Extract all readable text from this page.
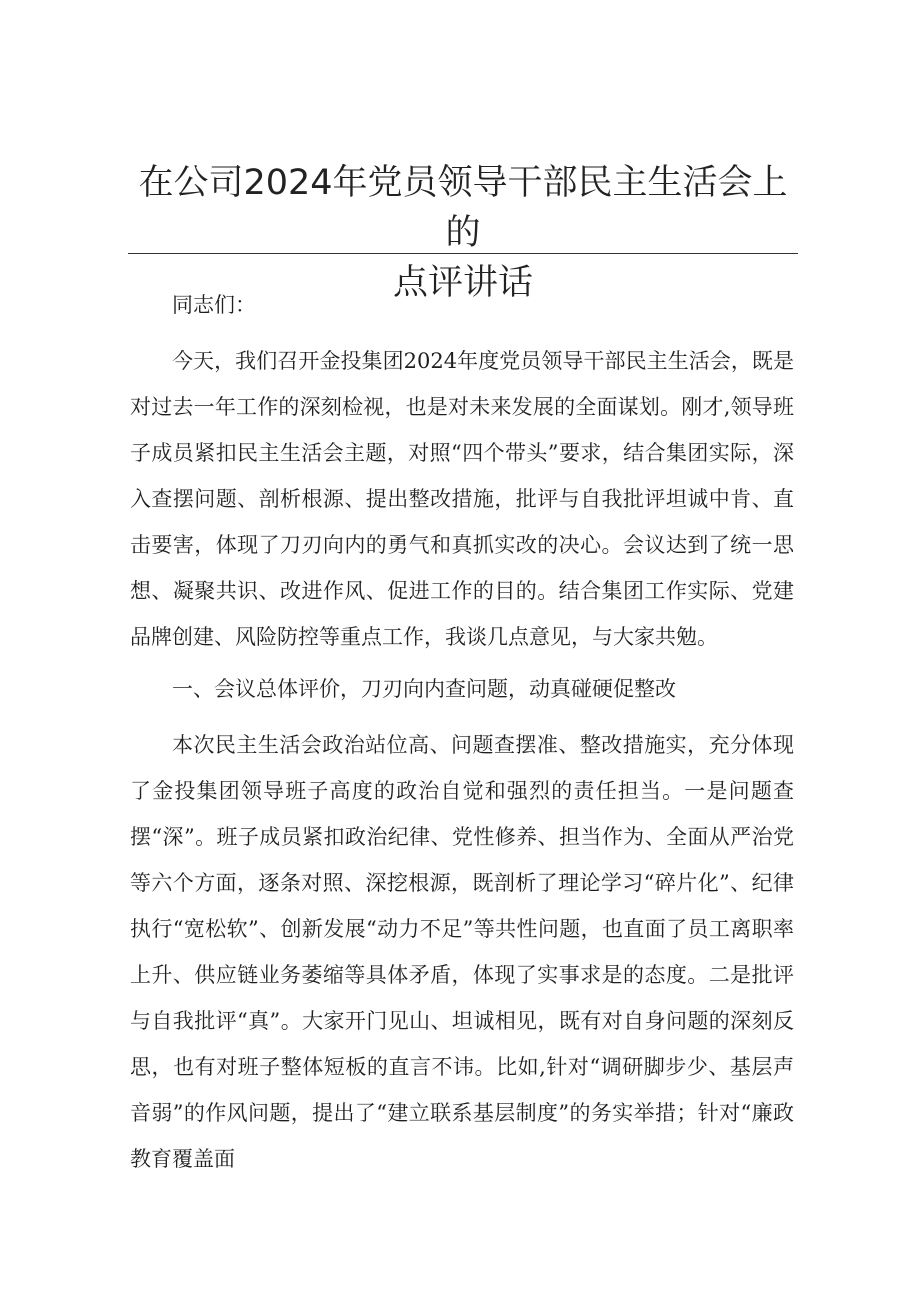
在公司2024年党员领导干部民主生活会上的
点评讲话

同志们：

今天，我们召开金投集团2024年度党员领导干部民主生活会，既是对过去一年工作的深刻检视，也是对未来发展的全面谋划。刚才,领导班子成员紧扣民主生活会主题，对照“四个带头”要求，结合集团实际，深入查摆问题、剖析根源、提出整改措施，批评与自我批评坦诚中肯、直击要害，体现了刀刃向内的勇气和真抓实改的决心。会议达到了统一思想、凝聚共识、改进作风、促进工作的目的。结合集团工作实际、党建品牌创建、风险防控等重点工作，我谈几点意见，与大家共勉。

一、会议总体评价，刀刃向内查问题，动真碰硬促整改

本次民主生活会政治站位高、问题查摆准、整改措施实，充分体现了金投集团领导班子高度的政治自觉和强烈的责任担当。一是问题查摆“深”。班子成员紧扣政治纪律、党性修养、担当作为、全面从严治党等六个方面，逐条对照、深挖根源，既剖析了理论学习“碎片化”、纪律执行“宽松软”、创新发展“动力不足”等共性问题，也直面了员工离职率上升、供应链业务萎缩等具体矛盾，体现了实事求是的态度。二是批评与自我批评“真”。大家开门见山、坦诚相见，既有对自身问题的深刻反思，也有对班子整体短板的直言不讳。比如,针对“调研脚步少、基层声音弱”的作风问题，提出了“建立联系基层制度”的务实举措；针对“廉政教育覆盖面
